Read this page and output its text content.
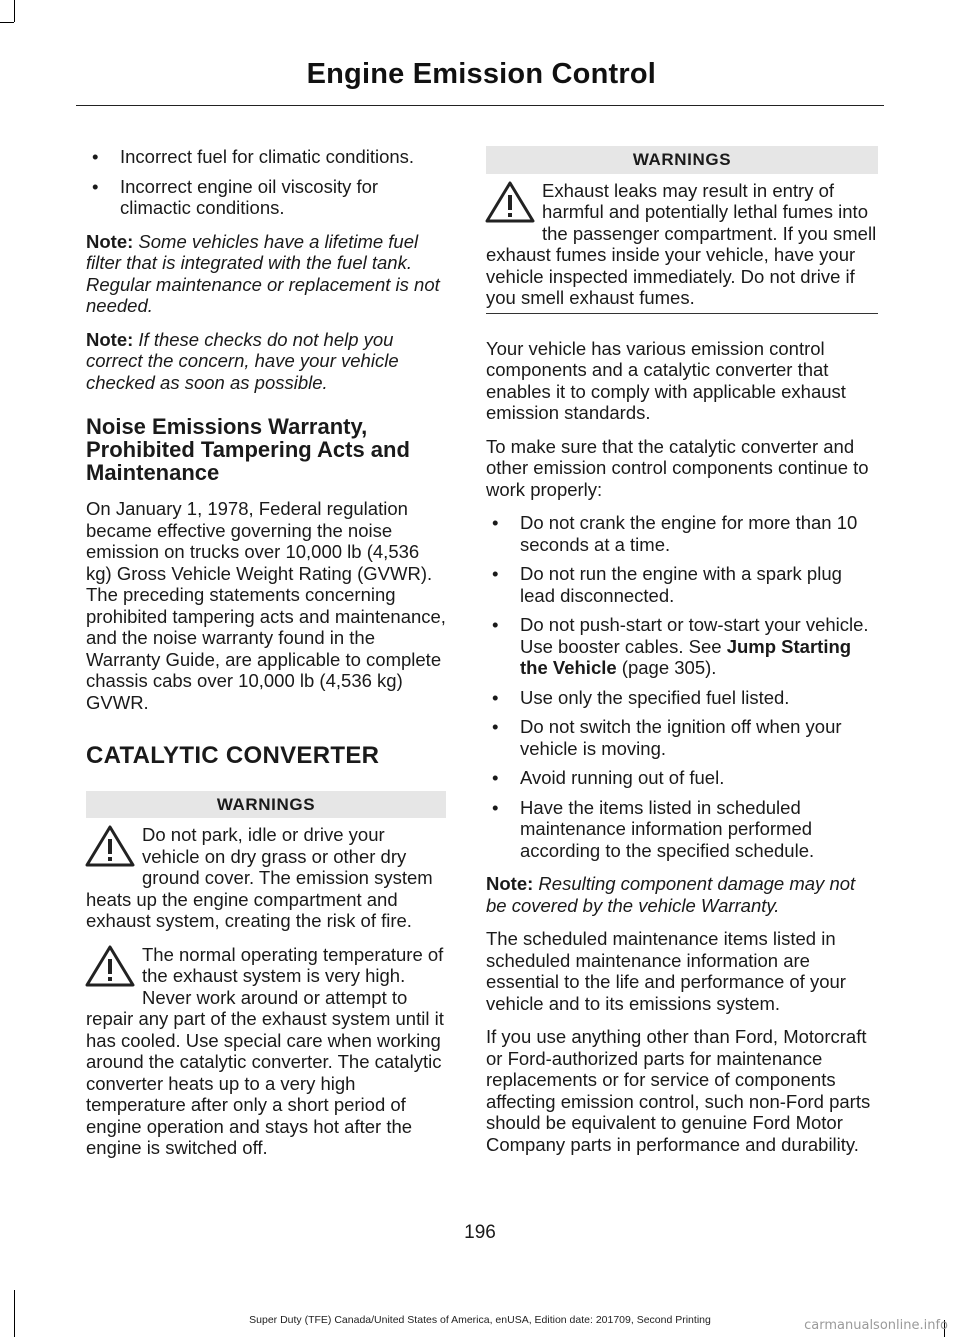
Engine Emission Control
• Incorrect fuel for climatic conditions.
• Incorrect engine oil viscosity for climactic conditions.

Note: Some vehicles have a lifetime fuel filter that is integrated with the fuel tank. Regular maintenance or replacement is not needed.

Note: If these checks do not help you correct the concern, have your vehicle checked as soon as possible.

Noise Emissions Warranty, Prohibited Tampering Acts and Maintenance

On January 1, 1978, Federal regulation became effective governing the noise emission on trucks over 10,000 lb (4,536 kg) Gross Vehicle Weight Rating (GVWR). The preceding statements concerning prohibited tampering acts and maintenance, and the noise warranty found in the Warranty Guide, are applicable to complete chassis cabs over 10,000 lb (4,536 kg) GVWR.

CATALYTIC CONVERTER
WARNINGS
Do not park, idle or drive your vehicle on dry grass or other dry ground cover. The emission system heats up the engine compartment and exhaust system, creating the risk of fire.
The normal operating temperature of the exhaust system is very high. Never work around or attempt to repair any part of the exhaust system until it has cooled. Use special care when working around the catalytic converter. The catalytic converter heats up to a very high temperature after only a short period of engine operation and stays hot after the engine is switched off.
WARNINGS
Exhaust leaks may result in entry of harmful and potentially lethal fumes into the passenger compartment. If you smell exhaust fumes inside your vehicle, have your vehicle inspected immediately. Do not drive if you smell exhaust fumes.

Your vehicle has various emission control components and a catalytic converter that enables it to comply with applicable exhaust emission standards.

To make sure that the catalytic converter and other emission control components continue to work properly:

• Do not crank the engine for more than 10 seconds at a time.
• Do not run the engine with a spark plug lead disconnected.
• Do not push-start or tow-start your vehicle. Use booster cables. See Jump Starting the Vehicle (page 305).
• Use only the specified fuel listed.
• Do not switch the ignition off when your vehicle is moving.
• Avoid running out of fuel.
• Have the items listed in scheduled maintenance information performed according to the specified schedule.

Note: Resulting component damage may not be covered by the vehicle Warranty.

The scheduled maintenance items listed in scheduled maintenance information are essential to the life and performance of your vehicle and to its emissions system.

If you use anything other than Ford, Motorcraft or Ford-authorized parts for maintenance replacements or for service of components affecting emission control, such non-Ford parts should be equivalent to genuine Ford Motor Company parts in performance and durability.

196
Super Duty (TFE) Canada/United States of America, enUSA, Edition date: 201709, Second Printing	carmanualsonline.info
